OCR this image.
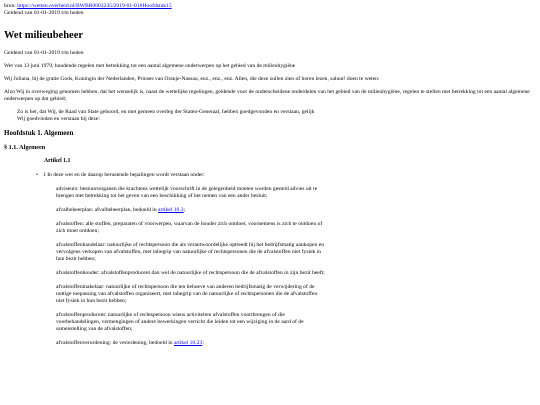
bron: https://wetten.overheid.nl/BWBR0003245/2019-01-01#Hoofdstuk15
Geldend van 01-01-2019 t/m heden
Wet milieubeheer

Geldend van 01-01-2019 t/m heden

Wet van 13 juni 1979, houdende regelen met betrekking tot een aantal algemene onderwerpen op het gebied van de milieuhygiëne

Wij Juliana, bij de gratie Gods, Koningin der Nederlanden, Prinses van Oranje-Nassau, enz., enz., enz. Allen, die deze zullen zien of horen lezen, saluut! doen te weten:

Alzo Wij in overweging genomen hebben, dat het wenselijk is, naast de wettelijke regelingen, geldende voor de onderscheidene onderdelen van het gebied van de milieuhygiëne, regelen te stellen met betrekking tot een aantal algemene onderwerpen op dat gebied;

Zo is het, dat Wij, de Raad van State gehoord, en met gemeen overleg der Staten-Generaal, hebben goedgevonden en verstaan, gelijk Wij goedvinden en verstaan bij deze:

Hoofdstuk 1. Algemeen
§ 1.1. Algemeen
Artikel 1.1
• 1 In deze wet en de daarop berustende bepalingen wordt verstaan onder:

adviseurs: bestuursorganen die krachtens wettelijk voorschrift in de gelegenheid moeten worden gesteld advies uit te brengen met betrekking tot het geven van een beschikking of het nemen van een ander besluit;

afvalbeheerplan: afvalbeheerplan, bedoeld in artikel 10.3;

afvalstoffen: alle stoffen, preparaten of voorwerpen, waarvan de houder zich ontdoet, voornemens is zich te ontdoen of zich moet ontdoen;

afvalstoffenhandelaar: natuurlijke of rechtspersoon die als verantwoordelijke optreedt bij het bedrijfsmatig aankopen en vervolgens verkopen van afvalstoffen, met inbegrip van natuurlijke of rechtspersonen die de afvalstoffen niet fysiek in hun bezit hebben;

afvalstoffenhouder: afvalstoffenproducent dan wel de natuurlijke of rechtspersoon die de afvalstoffen in zijn bezit heeft;

afvalstoffenmakelaar: natuurlijke of rechtspersoon die ten behoeve van anderen bedrijfsmatig de verwijdering of de nuttige toepassing van afvalstoffen organiseert, met inbegrip van de natuurlijke of rechtspersonen die de afvalstoffen niet fysiek in hun bezit hebben;

afvalstoffenproducent: natuurlijke of rechtspersoon wiens activiteiten afvalstoffen voortbrengen of die voorbehandelingen, vermengingen of andere bewerkingen verricht die leiden tot een wijziging in de aard of de samenstelling van de afvalstoffen;

afvalstoffenverordening: de verordening, bedoeld in artikel 10.23;
